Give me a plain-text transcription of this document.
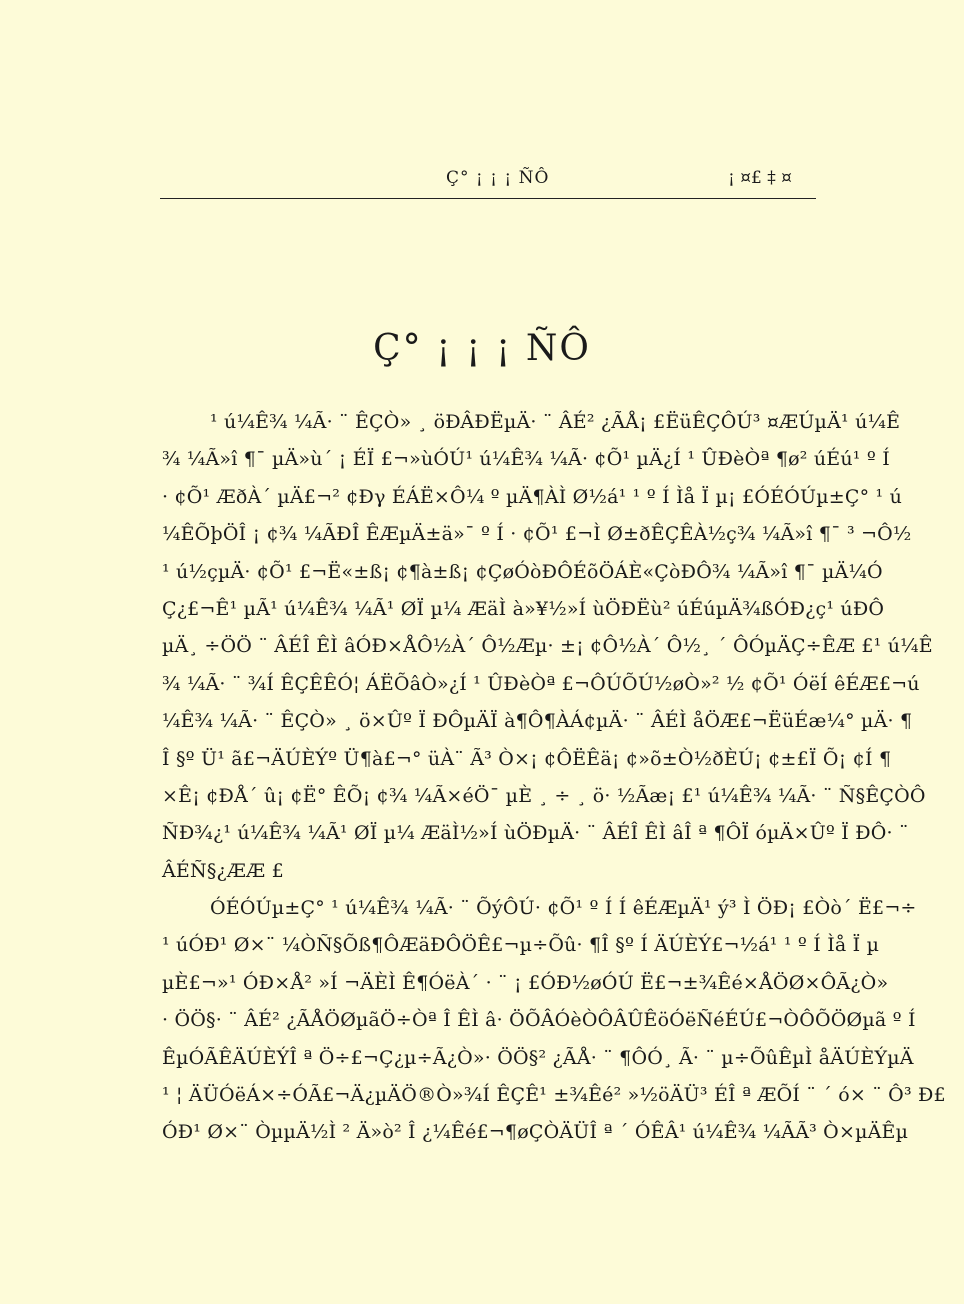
Ç° ¡ ¡ ¡ ÑÔ	¡ ¤£ ‡ ¤
Ç° ¡ ¡ ¡ ÑÔ
¹ ú¼Ê¾ ¼Ã· ¨ ÊÇÒ» ¸ öÐÂÐËµÄ· ¨ ÂÉ² ¿ÃÅ¡ £ËüÊÇÔÚ³ ¤ÆÚµÄ¹ ú¼Ê
¾ ¼Ã»î ¶¯ µÄ»ù´ ¡ ÉÏ £¬»ùÓÚ¹ ú¼Ê¾ ¼Ã· ¢Õ¹ µÄ¿Í ¹ ÛÐèÒª ¶ø² úÉú¹ º Í
· ¢Õ¹ ÆðÀ´ µÄ£¬² ¢Ðγ ÉÁË×Ô¼ º µÄ¶ÀÌ Ø½á¹ ¹ º Í Ìå Ï µ¡ £ÓÉÓÚµ±Ç° ¹ ú
¼ÊÕþÖÎ ¡ ¢¾ ¼ÃÐÎ ÊÆµÄ±ä»¯ º Í · ¢Õ¹ £¬Ì Ø±ðÊÇÊÀ½ç¾ ¼Ã»î ¶¯ ³ ¬Ô½
¹ ú½çµÄ· ¢Õ¹ £¬Ë«±ß¡ ¢¶à±ß¡ ¢ÇøÓòÐÔÉõÖÁÈ«ÇòÐÔ¾ ¼Ã»î ¶¯ µÄ¼Ó
Ç¿£¬Ê¹ µÃ¹ ú¼Ê¾ ¼Ã¹ ØÏ µ¼ ÆäÌ à»¥½»Í ùÖÐËù² úÉúµÄ¾ßÓÐ¿ç¹ úÐÔ
µÄ¸ ÷ÖÖ ¨ ÂÉÎ ÊÌ âÓÐ×ÅÔ½À´ Ô½Æµ· ±¡ ¢Ô½À´ Ô½¸ ´ ÔÓµÄÇ÷ÊÆ £¹ ú¼Ê
¾ ¼Ã· ¨ ¾Í ÊÇÊÊÓ¦ ÁËÕâÒ»¿Í ¹ ÛÐèÒª £¬ÔÚÕÚ½øÒ»² ½ ¢Õ¹ ÓëÍ êÉÆ£¬ú
¼Ê¾ ¼Ã· ¨ ÊÇÒ» ¸ ö×Ûº Ï ÐÔµÄÏ à¶Ô¶ÀÁ¢µÄ· ¨ ÂÉÌ åÖÆ£¬ËüÉæ¼° µÄ· ¶
Î §º Ü¹ ã£¬ÄÚÈÝº Ü¶à£¬° üÀ¨ Ã³ Ò×¡ ¢ÔËÊä¡ ¢»õ±Ò½ðÈÚ¡ ¢±£Ï Õ¡ ¢Í ¶
×Ê¡ ¢ÐÅ´ û¡ ¢Ë° ÊÕ¡ ¢¾ ¼Ã×éÖ¯ µÈ ¸ ÷ ¸ ö· ½Ãæ¡ £¹ ú¼Ê¾ ¼Ã· ¨ Ñ§ÊÇÒÔ
ÑÐ¾¿¹ ú¼Ê¾ ¼Ã¹ ØÏ µ¼ ÆäÌ½»Í ùÖÐµÄ· ¨ ÂÉÎ ÊÌ âÎ ª ¶ÔÏ óµÄ×Ûº Ï ÐÔ· ¨
ÂÉÑ§¿ÆÆ £
ÓÉÓÚµ±Ç° ¹ ú¼Ê¾ ¼Ã· ¨ ÕýÔÚ· ¢Õ¹ º Í Í êÉÆµÄ¹ ý³ Ì ÖÐ¡ £Òò´ Ë£¬÷
¹ úÓÐ¹ Ø×¨ ¼ÒÑ§Õß¶ÔÆäÐÔÖÊ£¬µ÷Õû· ¶Î §º Í ÄÚÈÝ£¬½á¹ ¹ º Í Ìå Ï µ
µÈ£¬»¹ ÓÐ×Å² »Í ¬ÄÈÌ Ê¶ÓëÀ´ · ¨ ¡ £ÓÐ½øÓÚ Ë£¬±¾Êé×ÅÖØ×ÔÃ¿Ò»
· ÖÖ§· ¨ ÂÉ² ¿ÃÅÖØµãÖ÷Òª Î ÊÌ â· ÖÕÂÓèÒÔÂÛÊöÓëÑéÉÚ£¬ÒÔÕÖØµã º Í
ÊµÓÃÊÄÚÈÝÎ ª Ö÷£¬Ç¿µ÷Ã¿Ò»· ÖÖ§² ¿ÃÅ· ¨ ¶ÔÓ¸ Ã· ¨ µ÷ÕûÊµÌ åÄÚÈÝµÄ
¹ ¦ ÄÜÓëÁ×÷ÓÃ£¬Ä¿µÄÖ®Ò»¾Í ÊÇÊ¹ ±¾Êé² »½öÄÜ³ ÉÎ ª ÆÕÍ ¨ ´ ó× ¨ Ô³ Ð£
ÓÐ¹ Ø×¨ ÒµµÄ½Ì ² Ä»ò² Î ¿¼Êé£¬¶øÇÒÄÜÎ ª ´ ÓÊÂ¹ ú¼Ê¾ ¼ÃÃ³ Ò×µÄÊµ
